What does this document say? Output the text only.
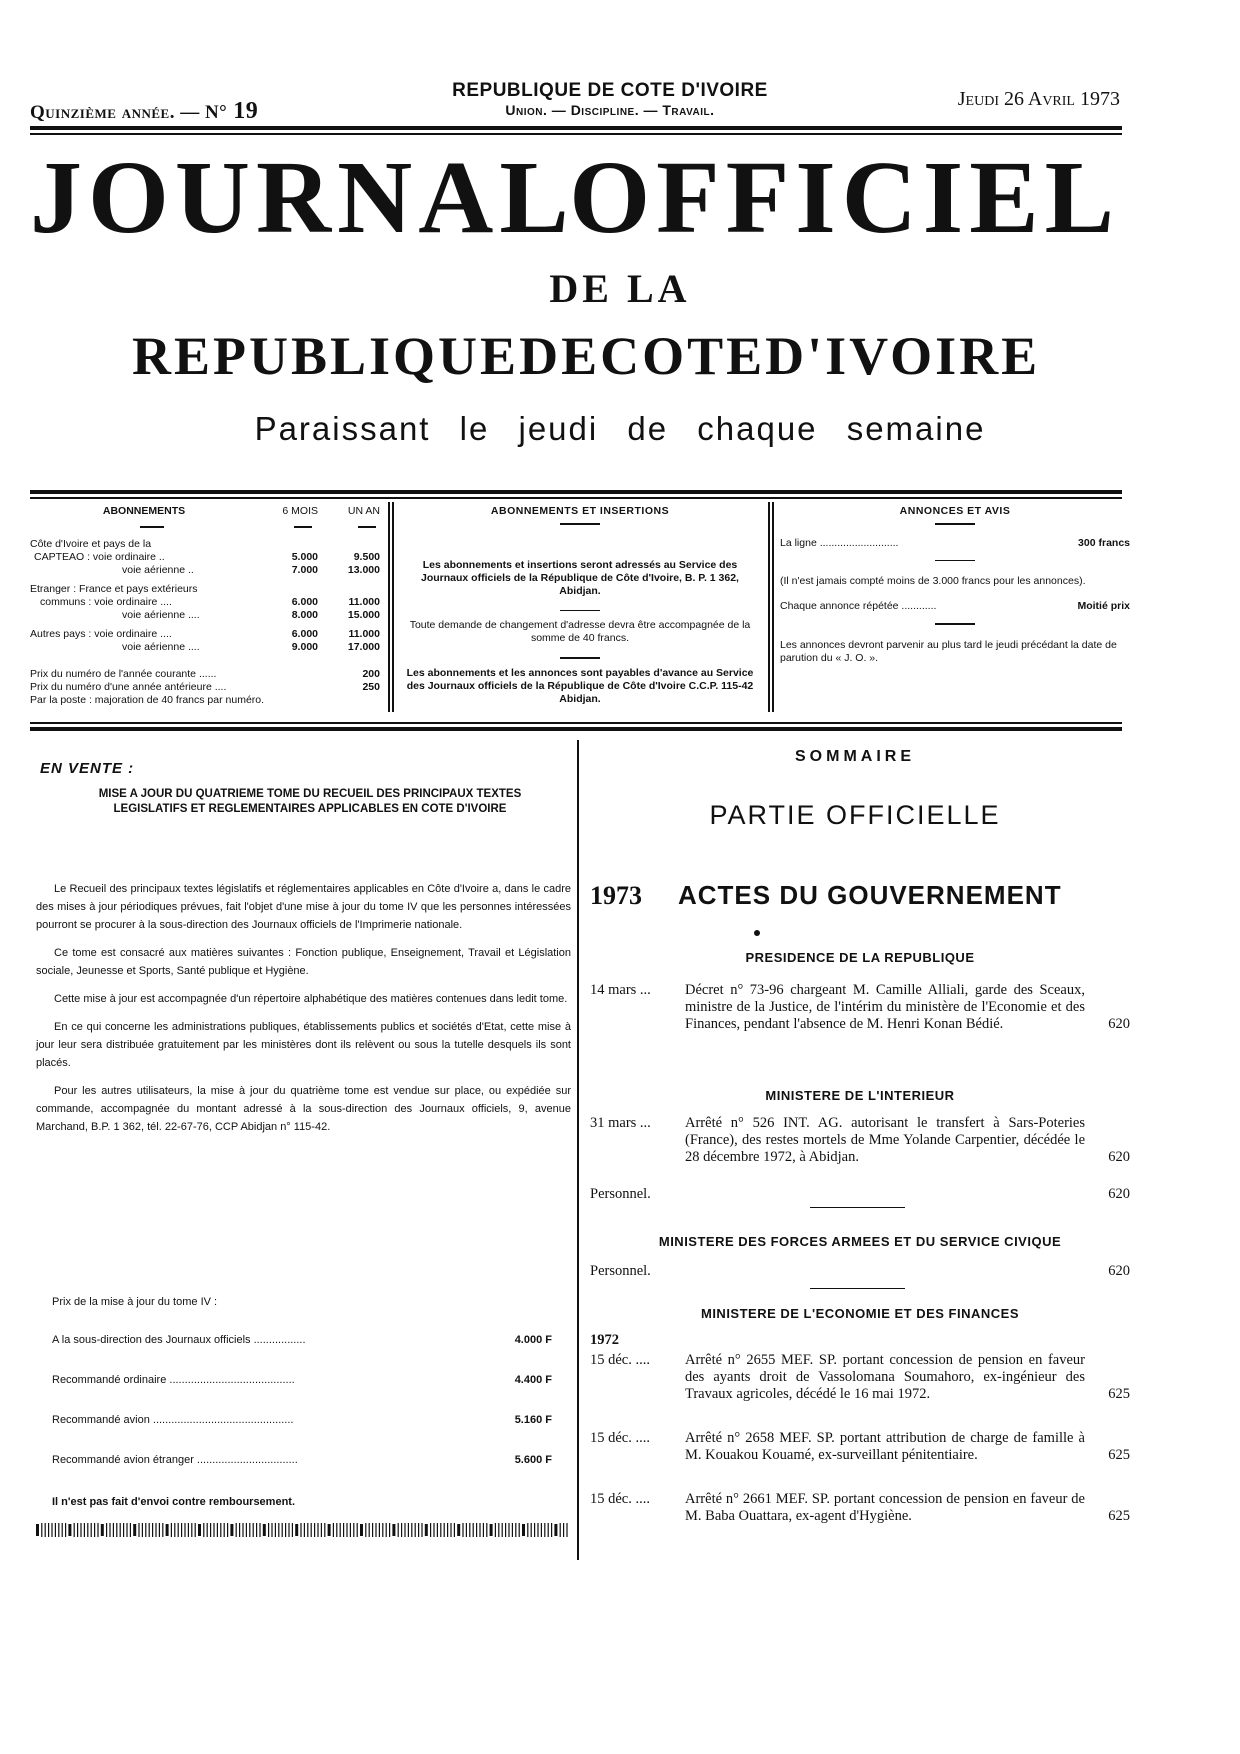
Quinzième année. — N° 19
REPUBLIQUE DE COTE D'IVOIRE
Union. — Discipline. — Travail.	Jeudi 26 Avril 1973
JOURNAL
OFFICIEL
DE LA
REPUBLIQUE DE COTE D'IVOIRE
Paraissant le jeudi de chaque semaine
ABONNEMENTS	6 MOIS	UN AN
Côte d'Ivoire et pays de la
CAPTEAO : voie ordinaire ..	5.000	9.500
voie aérienne ..	7.000	13.000
Etranger : France et pays extérieurs
communs : voie ordinaire ....	6.000	11.000
voie aérienne ....	8.000	15.000
Autres pays : voie ordinaire ....	6.000	11.000
voie aérienne ....	9.000	17.000
Prix du numéro de l'année courante ......	200
Prix du numéro d'une année antérieure ....	250
Par la poste : majoration de 40 francs par numéro.
ABONNEMENTS ET INSERTIONS

Les abonnements et insertions seront adressés au Service des Journaux officiels de la République de Côte d'Ivoire, B. P. 1 362, Abidjan.

Toute demande de changement d'adresse devra être accompagnée de la somme de 40 francs.

Les abonnements et les annonces sont payables d'avance au Service des Journaux officiels de la République de Côte d'Ivoire C.C.P. 115-42 Abidjan.

ANNONCES ET AVIS
La ligne ...........................	300 francs

(Il n'est jamais compté moins de 3.000 francs pour les annonces).

Chaque annonce répétée ............	Moitié prix

Les annonces devront parvenir au plus tard le jeudi précédant la date de parution du « J. O. ».

EN VENTE :
MISE A JOUR DU QUATRIEME TOME DU RECUEIL DES PRINCIPAUX TEXTES LEGISLATIFS ET REGLEMENTAIRES APPLICABLES EN COTE D'IVOIRE

Le Recueil des principaux textes législatifs et réglementaires applicables en Côte d'Ivoire a, dans le cadre des mises à jour périodiques prévues, fait l'objet d'une mise à jour du tome IV que les personnes intéressées pourront se procurer à la sous-direction des Journaux officiels de l'Imprimerie nationale.

Ce tome est consacré aux matières suivantes : Fonction publique, Enseignement, Travail et Législation sociale, Jeunesse et Sports, Santé publique et Hygiène.

Cette mise à jour est accompagnée d'un répertoire alphabétique des matières contenues dans ledit tome.

En ce qui concerne les administrations publiques, établissements publics et sociétés d'Etat, cette mise à jour leur sera distribuée gratuitement par les ministères dont ils relèvent ou sous la tutelle desquels ils sont placés.

Pour les autres utilisateurs, la mise à jour du quatrième tome est vendue sur place, ou expédiée sur commande, accompagnée du montant adressé à la sous-direction des Journaux officiels, 9, avenue Marchand, B.P. 1 362, tél. 22-67-76, CCP Abidjan n° 115-42.

Prix de la mise à jour du tome IV :
A la sous-direction des Journaux officiels .................	4.000 F
Recommandé ordinaire .........................................	4.400 F
Recommandé avion ..............................................	5.160 F
Recommandé avion étranger .................................	5.600 F
Il n'est pas fait d'envoi contre remboursement.
SOMMAIRE
PARTIE OFFICIELLE
1973 ACTES DU GOUVERNEMENT
PRESIDENCE DE LA REPUBLIQUE
14 mars ... Décret n° 73-96 chargeant M. Camille Alliali, garde des Sceaux, ministre de la Justice, de l'intérim du ministère de l'Economie et des Finances, pendant l'absence de M. Henri Konan Bédié.	620
MINISTERE DE L'INTERIEUR
31 mars ... Arrêté n° 526 INT. AG. autorisant le transfert à Sars-Poteries (France), des restes mortels de Mme Yolande Carpentier, décédée le 28 décembre 1972, à Abidjan.	620
Personnel.	620
MINISTERE DES FORCES ARMEES ET DU SERVICE CIVIQUE
Personnel.	620
MINISTERE DE L'ECONOMIE ET DES FINANCES
1972
15 déc. .... Arrêté n° 2655 MEF. SP. portant concession de pension en faveur des ayants droit de Vassolomana Soumahoro, ex-ingénieur des Travaux agricoles, décédé le 16 mai 1972.	625
15 déc. .... Arrêté n° 2658 MEF. SP. portant attribution de charge de famille à M. Kouakou Kouamé, ex-surveillant pénitentiaire.	625
15 déc. .... Arrêté n° 2661 MEF. SP. portant concession de pension en faveur de M. Baba Ouattara, ex-agent d'Hygiène.	625
